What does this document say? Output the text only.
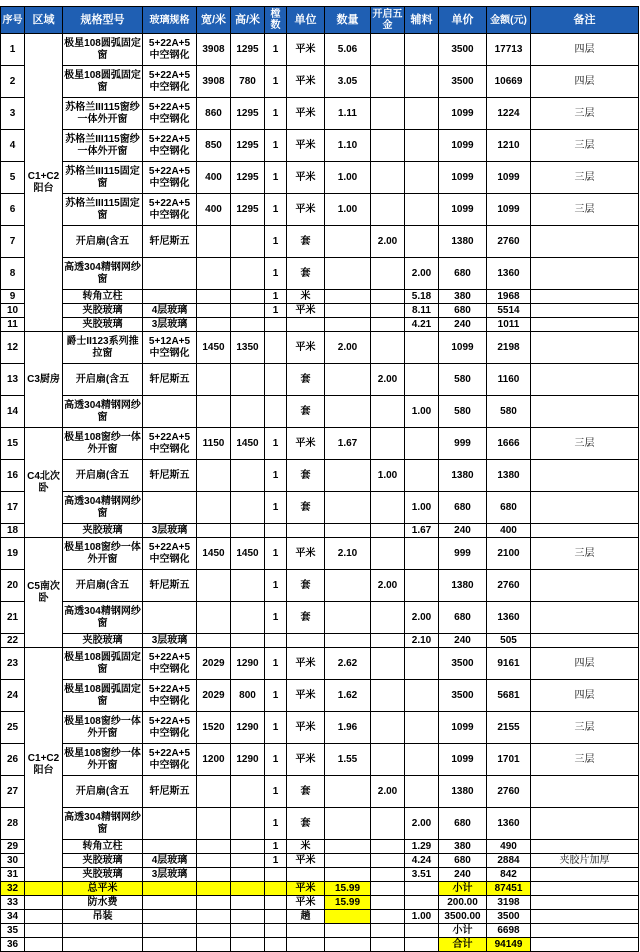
序号	区域	规格型号	玻璃规格	宽/米	高/米	樘数	单位	数量	开启五金	辅料	单价	金额(元)	备注
1	C1+C2阳台	极星108圆弧固定窗	5+22A+5中空钢化	3908	1295	1	平米	5.06			3500	17713	四层
2		极星108圆弧固定窗	5+22A+5中空钢化	3908	780	1	平米	3.05			3500	10669	四层
3		苏格兰III115窗纱一体外开窗	5+22A+5中空钢化	860	1295	1	平米	1.11			1099	1224	三层
4		苏格兰III115窗纱一体外开窗	5+22A+5中空钢化	850	1295	1	平米	1.10			1099	1210	三层
5		苏格兰III115固定窗	5+22A+5中空钢化	400	1295	1	平米	1.00			1099	1099	三层
6		苏格兰III115固定窗	5+22A+5中空钢化	400	1295	1	平米	1.00			1099	1099	三层
7		开启扇(含五	轩尼斯五			1	套		2.00		1380	2760	
8		高透304精钢网纱窗				1	套			2.00	680	1360	
9		转角立柱				1	米			5.18	380	1968	
10		夹胶玻璃	4层玻璃			1	平米			8.11	680	5514	
11		夹胶玻璃	3层玻璃							4.21	240	1011	
12	C3厨房	爵士II123系列推拉窗	5+12A+5中空钢化	1450	1350		平米	2.00			1099	2198	
13		开启扇(含五	轩尼斯五				套		2.00		580	1160	
14		高透304精钢网纱窗					套			1.00	580	580	
15	C4北次卧	极星108窗纱一体外开窗	5+22A+5中空钢化	1150	1450	1	平米	1.67			999	1666	三层
16		开启扇(含五	轩尼斯五			1	套		1.00		1380	1380	
17		高透304精钢网纱窗				1	套			1.00	680	680	
18		夹胶玻璃	3层玻璃							1.67	240	400	
19	C5南次卧	极星108窗纱一体外开窗	5+22A+5中空钢化	1450	1450	1	平米	2.10			999	2100	三层
20		开启扇(含五	轩尼斯五			1	套		2.00		1380	2760	
21		高透304精钢网纱窗				1	套			2.00	680	1360	
22		夹胶玻璃	3层玻璃							2.10	240	505	
23	C1+C2阳台	极星108圆弧固定窗	5+22A+5中空钢化	2029	1290	1	平米	2.62			3500	9161	四层
24		极星108圆弧固定窗	5+22A+5中空钢化	2029	800	1	平米	1.62			3500	5681	四层
25		极星108窗纱一体外开窗	5+22A+5中空钢化	1520	1290	1	平米	1.96			1099	2155	三层
26		极星108窗纱一体外开窗	5+22A+5中空钢化	1200	1290	1	平米	1.55			1099	1701	三层
27		开启扇(含五	轩尼斯五			1	套		2.00		1380	2760	
28		高透304精钢网纱窗				1	套			2.00	680	1360	
29		转角立柱				1	米			1.29	380	490	
30		夹胶玻璃	4层玻璃			1	平米			4.24	680	2884	夹胶片加厚
31		夹胶玻璃	3层玻璃							3.51	240	842	
32		总平米					平米	15.99			小计	87451	
33		防水费					平米	15.99			200.00	3198	
34		吊装					趟			1.00	3500.00	3500	
35											小计	6698	
36											合计	94149	
